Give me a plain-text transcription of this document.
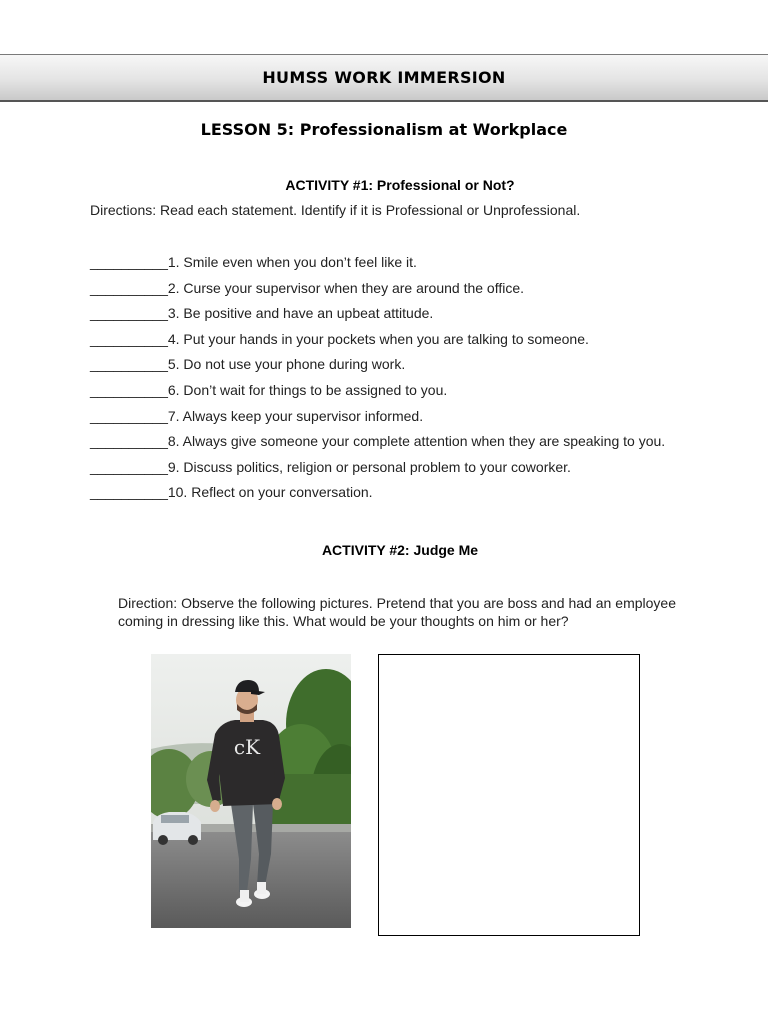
HUMSS WORK IMMERSION
LESSON 5: Professionalism at Workplace
ACTIVITY #1: Professional or Not?
Directions: Read each statement. Identify if it is Professional or Unprofessional.
__________1. Smile even when you don’t feel like it.
__________2. Curse your supervisor when they are around the office.
__________3. Be positive and have an upbeat attitude.
__________4. Put your hands in your pockets when you are talking to someone.
__________5. Do not use your phone during work.
__________6. Don’t wait for things to be assigned to you.
__________7. Always keep your supervisor informed.
__________8. Always give someone your complete attention when they are speaking to you.
__________9. Discuss politics, religion or personal problem to your coworker.
__________10. Reflect on your conversation.
ACTIVITY #2: Judge Me
Direction: Observe the following pictures. Pretend that you are boss and had an employee coming in dressing like this. What would be your thoughts on him or her?
cK
